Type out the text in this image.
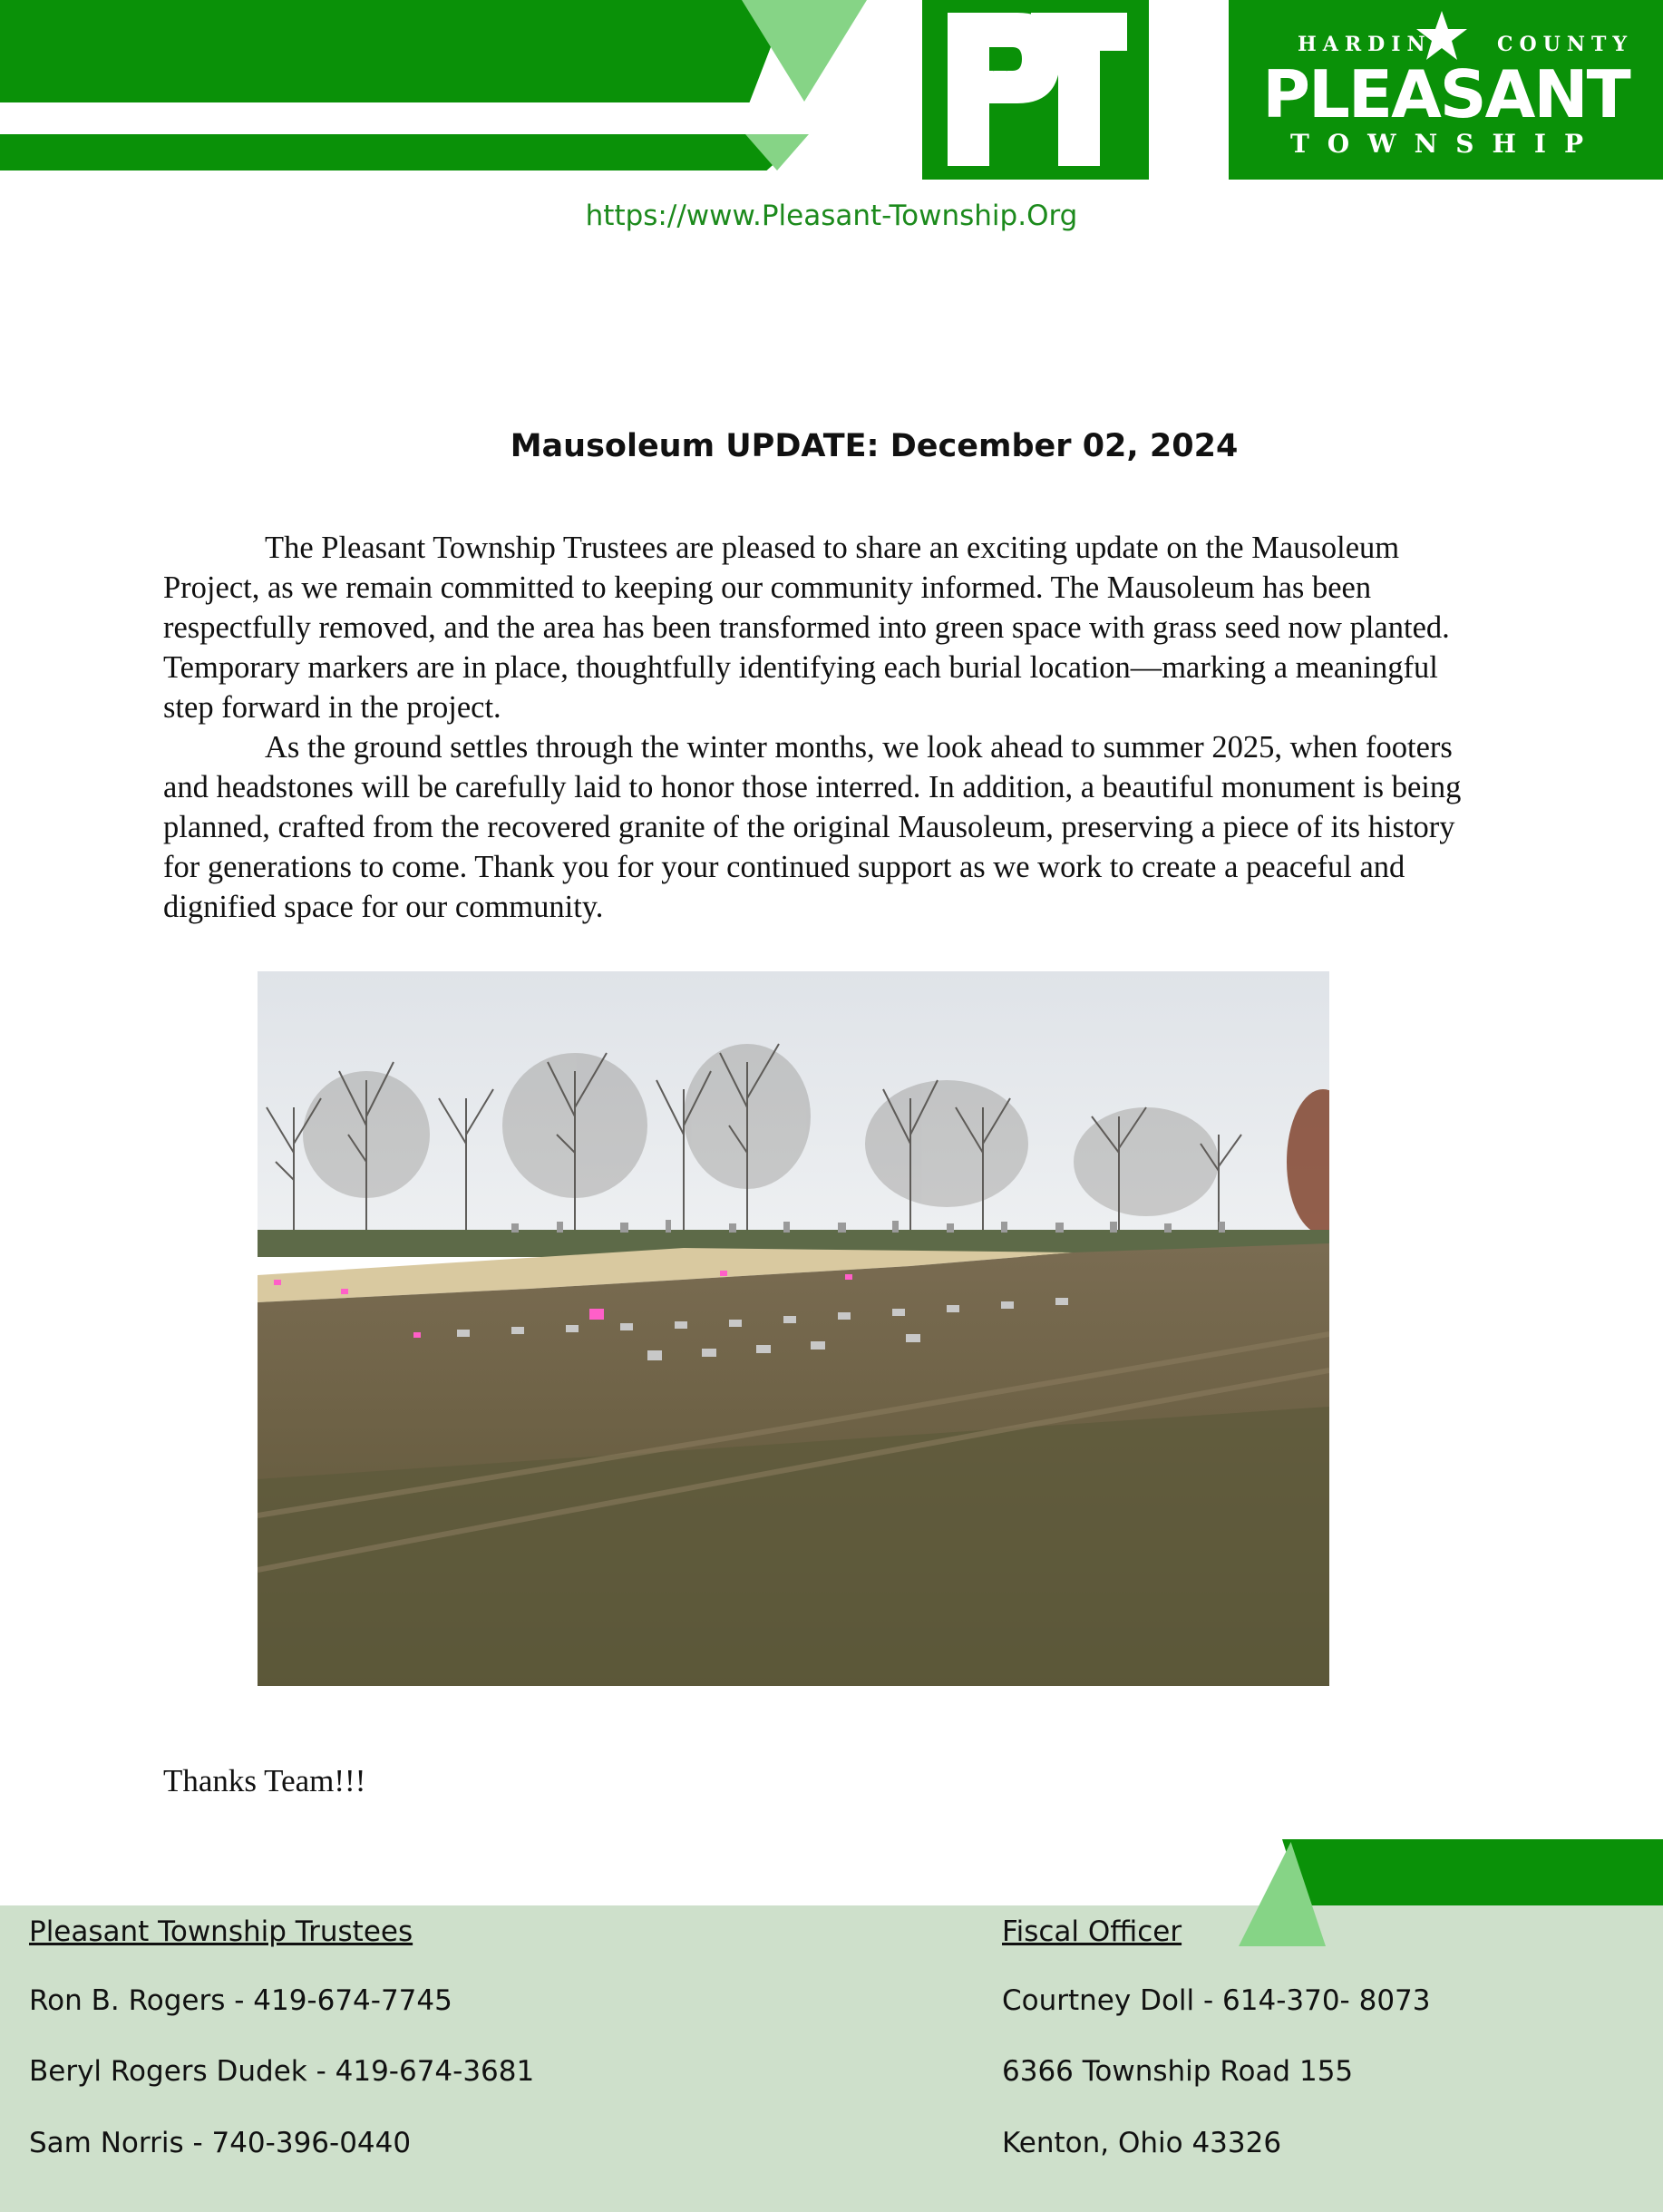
HARDIN	COUNTY
PLEASANT
TOWNSHIP
https://www.Pleasant-Township.Org
Mausoleum UPDATE: December 02, 2024

The Pleasant Township Trustees are pleased to share an exciting update on the Mausoleum Project, as we remain committed to keeping our community informed. The Mausoleum has been respectfully removed, and the area has been transformed into green space with grass seed now planted. Temporary markers are in place, thoughtfully identifying each burial location—marking a meaningful step forward in the project.

As the ground settles through the winter months, we look ahead to summer 2025, when footers and headstones will be carefully laid to honor those interred. In addition, a beautiful monument is being planned, crafted from the recovered granite of the original Mausoleum, preserving a piece of its history for generations to come. Thank you for your continued support as we work to create a peaceful and dignified space for our community.

Thanks Team!!!
Pleasant Township Trustees
Ron B. Rogers - 419-674-7745
Beryl Rogers Dudek - 419-674-3681
Sam Norris - 740-396-0440
Fiscal Officer
Courtney Doll - 614-370- 8073
6366 Township Road 155
Kenton, Ohio 43326
